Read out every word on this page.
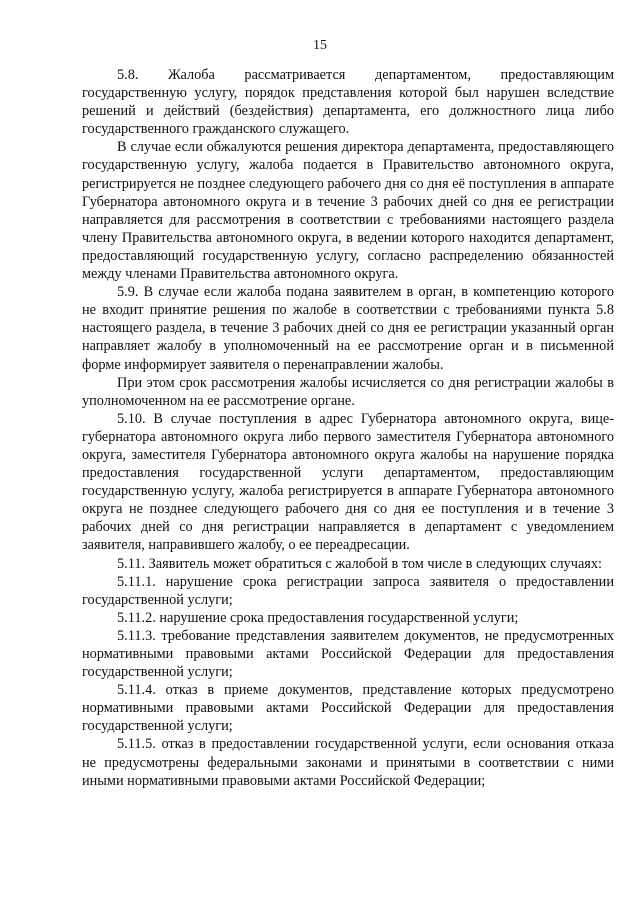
15

5.8. Жалоба рассматривается департаментом, предоставляющим государственную услугу, порядок представления которой был нарушен вследствие решений и действий (бездействия) департамента, его должностного лица либо государственного гражданского служащего.

В случае если обжалуются решения директора департамента, предоставляющего государственную услугу, жалоба подается в Правительство автономного округа, регистрируется не позднее следующего рабочего дня со дня её поступления в аппарате Губернатора автономного округа и в течение 3 рабочих дней со дня ее регистрации направляется для рассмотрения в соответствии с требованиями настоящего раздела члену Правительства автономного округа, в ведении которого находится департамент, предоставляющий государственную услугу, согласно распределению обязанностей между членами Правительства автономного округа.

5.9. В случае если жалоба подана заявителем в орган, в компетенцию которого не входит принятие решения по жалобе в соответствии с требованиями пункта 5.8 настоящего раздела, в течение 3 рабочих дней со дня ее регистрации указанный орган направляет жалобу в уполномоченный на ее рассмотрение орган и в письменной форме информирует заявителя о перенаправлении жалобы.

При этом срок рассмотрения жалобы исчисляется со дня регистрации жалобы в уполномоченном на ее рассмотрение органе.

5.10. В случае поступления в адрес Губернатора автономного округа, вице-губернатора автономного округа либо первого заместителя Губернатора автономного округа, заместителя Губернатора автономного округа жалобы на нарушение порядка предоставления государственной услуги департаментом, предоставляющим государственную услугу, жалоба регистрируется в аппарате Губернатора автономного округа не позднее следующего рабочего дня со дня ее поступления и в течение 3 рабочих дней со дня регистрации направляется в департамент с уведомлением заявителя, направившего жалобу, о ее переадресации.

5.11. Заявитель может обратиться с жалобой в том числе в следующих случаях:

5.11.1. нарушение срока регистрации запроса заявителя о предоставлении государственной услуги;

5.11.2. нарушение срока предоставления государственной услуги;

5.11.3. требование представления заявителем документов, не предусмотренных нормативными правовыми актами Российской Федерации для предоставления государственной услуги;

5.11.4. отказ в приеме документов, представление которых предусмотрено нормативными правовыми актами Российской Федерации для предоставления государственной услуги;

5.11.5. отказ в предоставлении государственной услуги, если основания отказа не предусмотрены федеральными законами и принятыми в соответствии с ними иными нормативными правовыми актами Российской Федерации;
